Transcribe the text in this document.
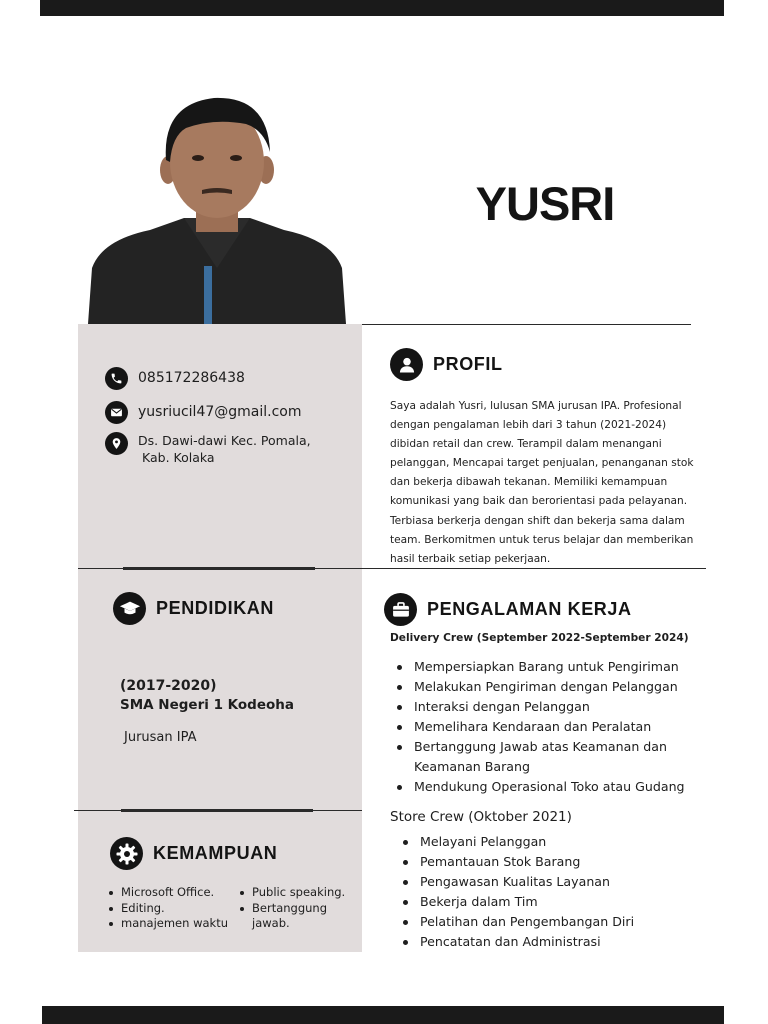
YUSRI
085172286438
yusriucil47@gmail.com
Ds. Dawi-dawi Kec. Pomala,
Kab. Kolaka
PROFIL
Saya adalah Yusri, lulusan SMA jurusan IPA. Profesional dengan pengalaman lebih dari 3 tahun (2021-2024) dibidan retail dan crew. Terampil dalam menangani pelanggan, Mencapai target penjualan, penanganan stok dan bekerja dibawah tekanan. Memiliki kemampuan komunikasi yang baik dan berorientasi pada pelayanan. Terbiasa berkerja dengan shift dan bekerja sama dalam team. Berkomitmen untuk terus belajar dan memberikan hasil terbaik setiap pekerjaan.
PENDIDIKAN
(2017-2020)
SMA Negeri 1 Kodeoha
Jurusan IPA
PENGALAMAN KERJA
Delivery Crew (September 2022-September 2024)
Mempersiapkan Barang untuk Pengiriman
Melakukan Pengiriman dengan Pelanggan
Interaksi dengan Pelanggan
Memelihara Kendaraan dan Peralatan
Bertanggung Jawab atas Keamanan dan Keamanan Barang
Mendukung Operasional Toko atau Gudang
Store Crew (Oktober 2021)
Melayani Pelanggan
Pemantauan Stok Barang
Pengawasan Kualitas Layanan
Bekerja dalam Tim
Pelatihan dan Pengembangan Diri
Pencatatan dan Administrasi
KEMAMPUAN
Microsoft Office.
Editing.
manajemen waktu
Public speaking.
Bertanggung jawab.
